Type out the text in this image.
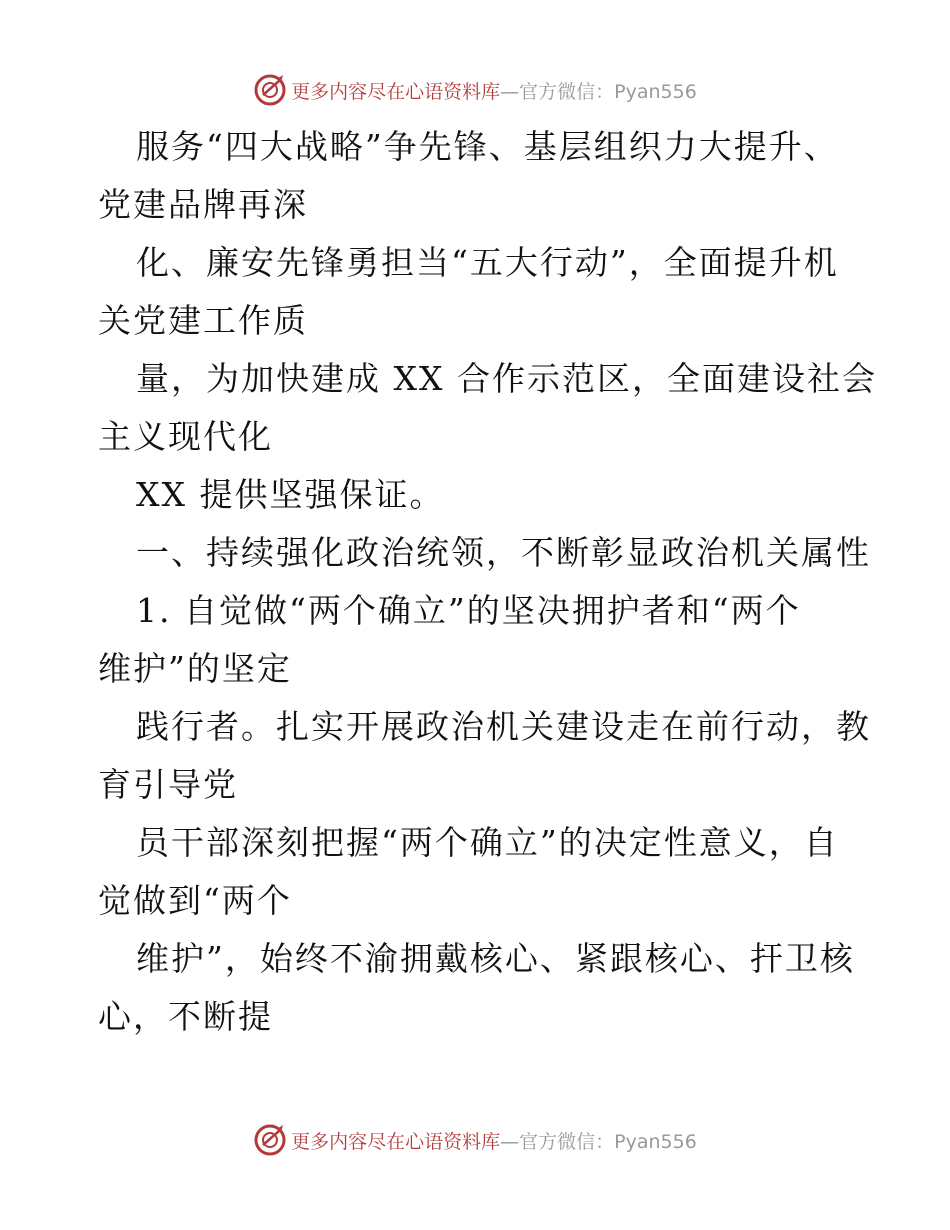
更多内容尽在心语资料库—官方微信：Pyan556
服务“四大战略”争先锋、基层组织力大提升、
党建品牌再深
化、廉安先锋勇担当“五大行动”，全面提升机
关党建工作质
量，为加快建成 XX 合作示范区，全面建设社会
主义现代化
XX 提供坚强保证。
一、持续强化政治统领，不断彰显政治机关属性
1. 自觉做“两个确立”的坚决拥护者和“两个
维护”的坚定
践行者。扎实开展政治机关建设走在前行动，教
育引导党
员干部深刻把握“两个确立”的决定性意义，自
觉做到“两个
维护”，始终不渝拥戴核心、紧跟核心、扞卫核
心，不断提
更多内容尽在心语资料库—官方微信：Pyan556
